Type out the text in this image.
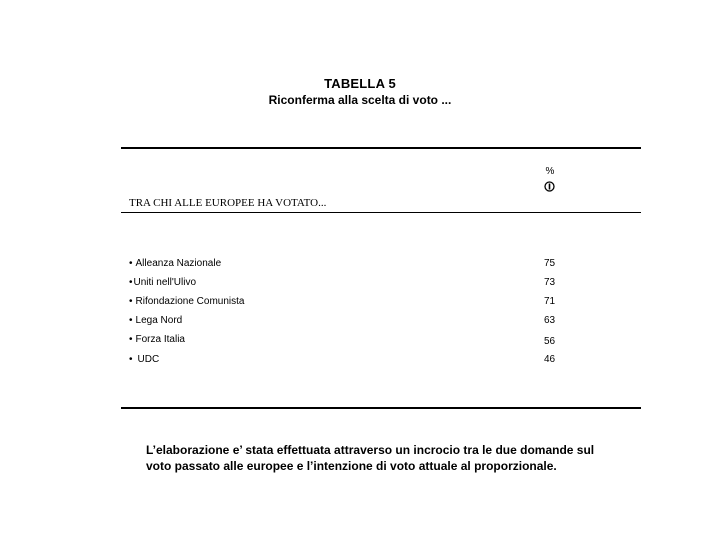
TABELLA 5
Riconferma alla scelta di voto ...
%
TRA CHI ALLE EUROPEE HA VOTATO...
• Alleanza Nazionale	75
•Uniti nell'Ulivo	73
• Rifondazione Comunista	71
• Lega Nord	63
• Forza Italia	56
• UDC	46
L’elaborazione e’ stata effettuata attraverso un incrocio tra le due domande sul
voto passato alle europee e l’intenzione di voto attuale al proporzionale.
